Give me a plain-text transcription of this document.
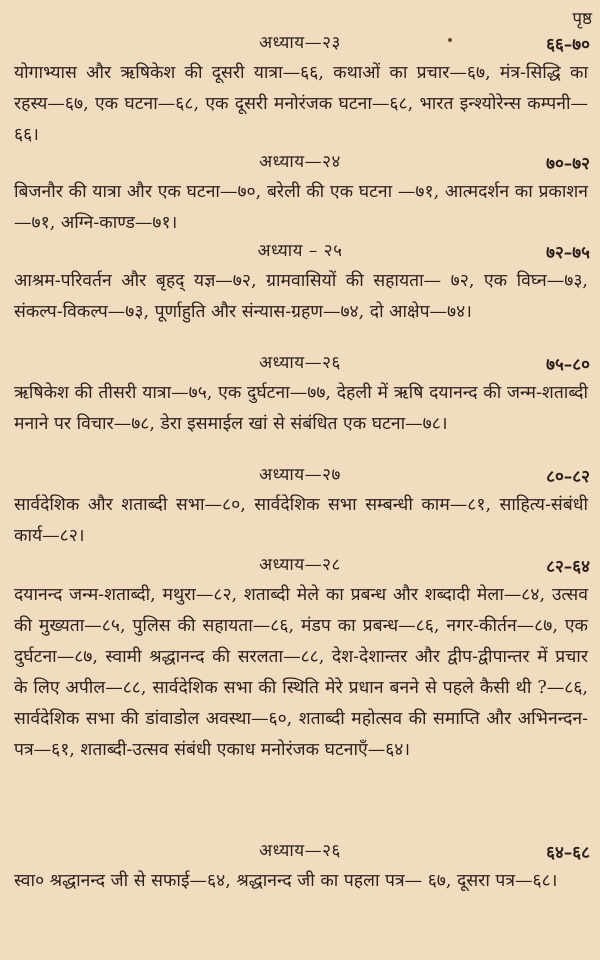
पृष्ठ
अध्याय—२३	६६–७०
योगाभ्यास और ऋषिकेश की दूसरी यात्रा—६६, कथाओं का प्रचार—६७, मंत्र-सिद्धि का रहस्य—६७, एक घटना—६८, एक दूसरी मनोरंजक घटना—६८, भारत इन्श्योरेन्स कम्पनी—६६।
अध्याय—२४	७०–७२
बिजनौर की यात्रा और एक घटना—७०, बरेली की एक घटना —७१, आत्मदर्शन का प्रकाशन—७१, अग्नि-काण्ड—७१।
अध्याय – २५	७२–७५
आश्रम-परिवर्तन और बृहद् यज्ञ—७२, ग्रामवासियों की सहायता— ७२, एक विघ्न—७३, संकल्प-विकल्प—७३, पूर्णाहुति और संन्यास-ग्रहण—७४, दो आक्षेप—७४।
अध्याय—२६	७५–८०
ऋषिकेश की तीसरी यात्रा—७५, एक दुर्घटना—७७, देहली में ऋषि दयानन्द की जन्म-शताब्दी मनाने पर विचार—७८, डेरा इसमाईल खां से संबंधित एक घटना—७८।
अध्याय—२७	८०–८२
सार्वदेशिक और शताब्दी सभा—८०, सार्वदेशिक सभा सम्बन्धी काम—८१, साहित्य-संबंधी कार्य—८२।
अध्याय—२८	८२–६४
दयानन्द जन्म-शताब्दी, मथुरा—८२, शताब्दी मेले का प्रबन्ध और शब्दादी मेला—८४, उत्सव की मुख्यता—८५, पुलिस की सहायता—८६, मंडप का प्रबन्ध—८६, नगर-कीर्तन—८७, एक दुर्घटना—८७, स्वामी श्रद्धानन्द की सरलता—८८, देश-देशान्तर और द्वीप-द्वीपान्तर में प्रचार के लिए अपील—८८, सार्वदेशिक सभा की स्थिति मेरे प्रधान बनने से पहले कैसी थी ?—८६, सार्वदेशिक सभा की डांवाडोल अवस्था—६०, शताब्दी महोत्सव की समाप्ति और अभिनन्दन-पत्र—६१, शताब्दी-उत्सव संबंधी एकाध मनोरंजक घटनाएँ—६४।
अध्याय—२६	६४–६८
स्वा० श्रद्धानन्द जी से सफाई—६४, श्रद्धानन्द जी का पहला पत्र— ६७, दूसरा पत्र—६८।
